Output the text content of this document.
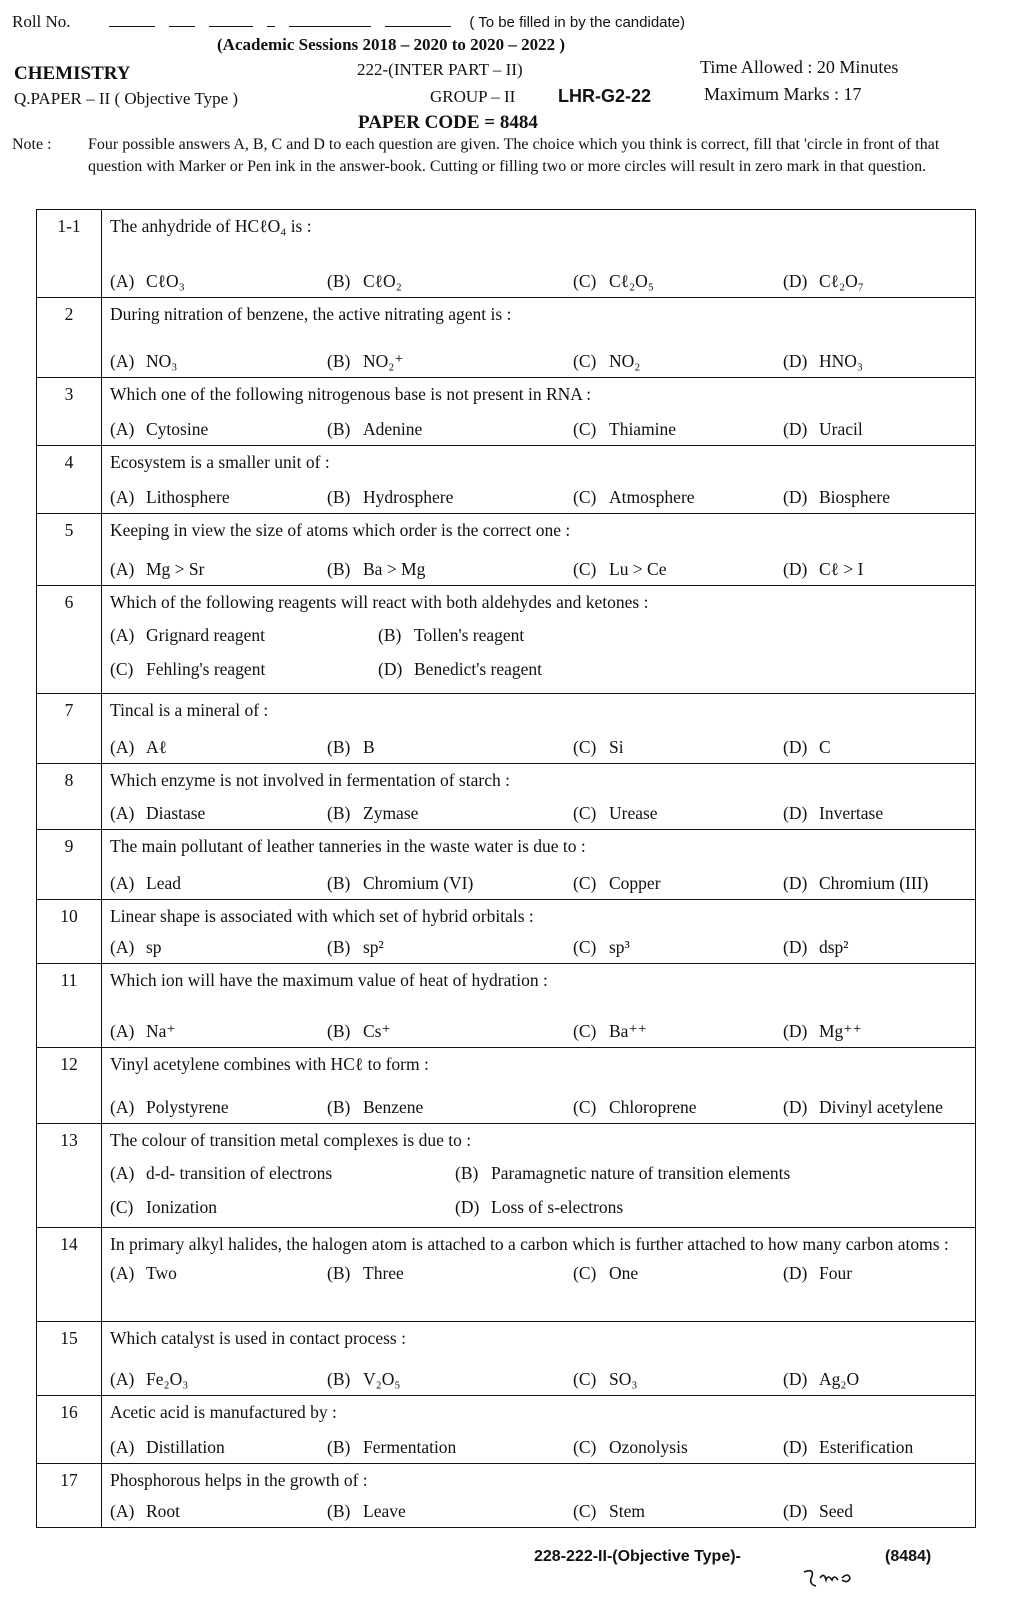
Roll No.	( To be filled in by the candidate)
(Academic Sessions 2018 – 2020 to 2020 – 2022 )
CHEMISTRY	222-(INTER PART – II)	Time Allowed : 20 Minutes
Q.PAPER – II ( Objective Type )	GROUP – II LHR-G2-22	Maximum Marks : 17
PAPER CODE = 8484
Note : Four possible answers A, B, C and D to each question are given. The choice which you think is correct, fill that 'circle in front of that question with Marker or Pen ink in the answer-book. Cutting or filling two or more circles will result in zero mark in that question.
1-1	The anhydride of HCℓO₄ is :
(A) CℓO₃ (B) CℓO₂ (C) Cℓ₂O₅ (D) Cℓ₂O₇

2	During nitration of benzene, the active nitrating agent is :
(A) NO₃ (B) NO₂⁺ (C) NO₂ (D) HNO₃

3	Which one of the following nitrogenous base is not present in RNA :
(A) Cytosine (B) Adenine (C) Thiamine (D) Uracil

4	Ecosystem is a smaller unit of :
(A) Lithosphere (B) Hydrosphere (C) Atmosphere (D) Biosphere

5	Keeping in view the size of atoms which order is the correct one :
(A) Mg > Sr (B) Ba > Mg (C) Lu > Ce (D) Cℓ > I

6	Which of the following reagents will react with both aldehydes and ketones :
(A) Grignard reagent (B) Tollen's reagent
(C) Fehling's reagent (D) Benedict's reagent

7	Tincal is a mineral of :
(A) Aℓ (B) B (C) Si (D) C

8	Which enzyme is not involved in fermentation of starch :
(A) Diastase (B) Zymase (C) Urease (D) Invertase

9	The main pollutant of leather tanneries in the waste water is due to :
(A) Lead (B) Chromium (VI) (C) Copper (D) Chromium (III)

10	Linear shape is associated with which set of hybrid orbitals :
(A) sp (B) sp² (C) sp³ (D) dsp²

11	Which ion will have the maximum value of heat of hydration :
(A) Na⁺ (B) Cs⁺ (C) Ba⁺⁺ (D) Mg⁺⁺

12	Vinyl acetylene combines with HCℓ to form :
(A) Polystyrene (B) Benzene (C) Chloroprene (D) Divinyl acetylene

13	The colour of transition metal complexes is due to :
(A) d-d- transition of electrons (B) Paramagnetic nature of transition elements
(C) Ionization (D) Loss of s-electrons

14	In primary alkyl halides, the halogen atom is attached to a carbon which is further attached to how many carbon atoms :
(A) Two (B) Three (C) One (D) Four

15	Which catalyst is used in contact process :
(A) Fe₂O₃ (B) V₂O₅ (C) SO₃ (D) Ag₂O

16	Acetic acid is manufactured by :
(A) Distillation (B) Fermentation (C) Ozonolysis (D) Esterification

17	Phosphorous helps in the growth of :
(A) Root (B) Leave (C) Stem (D) Seed
228-222-II-(Objective Type)-	(8484)
